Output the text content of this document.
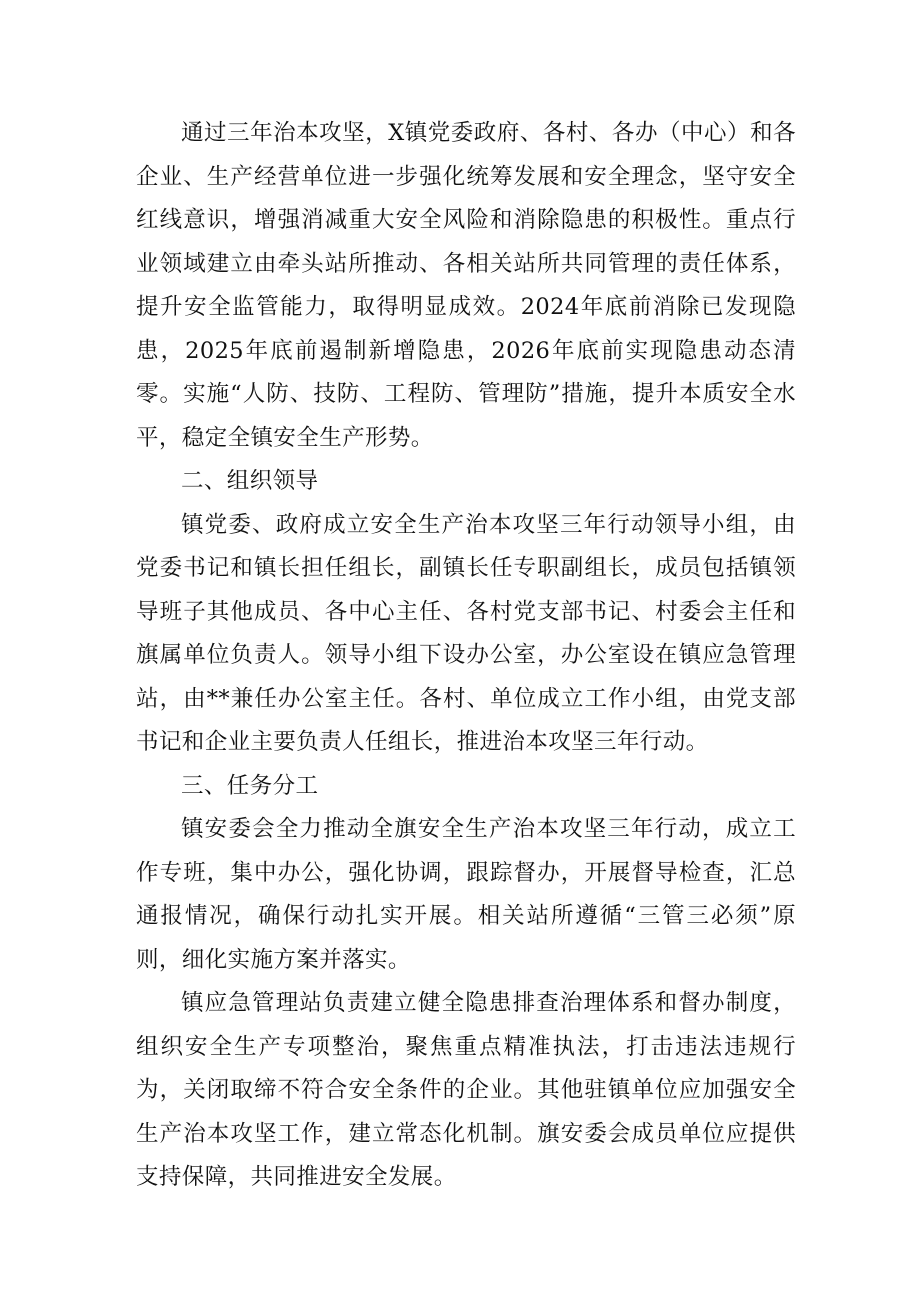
通过三年治本攻坚，X镇党委政府、各村、各办（中心）和各企业、生产经营单位进一步强化统筹发展和安全理念，坚守安全红线意识，增强消减重大安全风险和消除隐患的积极性。重点行业领域建立由牵头站所推动、各相关站所共同管理的责任体系，提升安全监管能力，取得明显成效。2024年底前消除已发现隐患，2025年底前遏制新增隐患，2026年底前实现隐患动态清零。实施“人防、技防、工程防、管理防”措施，提升本质安全水平，稳定全镇安全生产形势。

二、组织领导

镇党委、政府成立安全生产治本攻坚三年行动领导小组，由党委书记和镇长担任组长，副镇长任专职副组长，成员包括镇领导班子其他成员、各中心主任、各村党支部书记、村委会主任和旗属单位负责人。领导小组下设办公室，办公室设在镇应急管理站，由**兼任办公室主任。各村、单位成立工作小组，由党支部书记和企业主要负责人任组长，推进治本攻坚三年行动。

三、任务分工

镇安委会全力推动全旗安全生产治本攻坚三年行动，成立工作专班，集中办公，强化协调，跟踪督办，开展督导检查，汇总通报情况，确保行动扎实开展。相关站所遵循“三管三必须”原则，细化实施方案并落实。

镇应急管理站负责建立健全隐患排查治理体系和督办制度，组织安全生产专项整治，聚焦重点精准执法，打击违法违规行为，关闭取缔不符合安全条件的企业。其他驻镇单位应加强安全生产治本攻坚工作，建立常态化机制。旗安委会成员单位应提供支持保障，共同推进安全发展。
